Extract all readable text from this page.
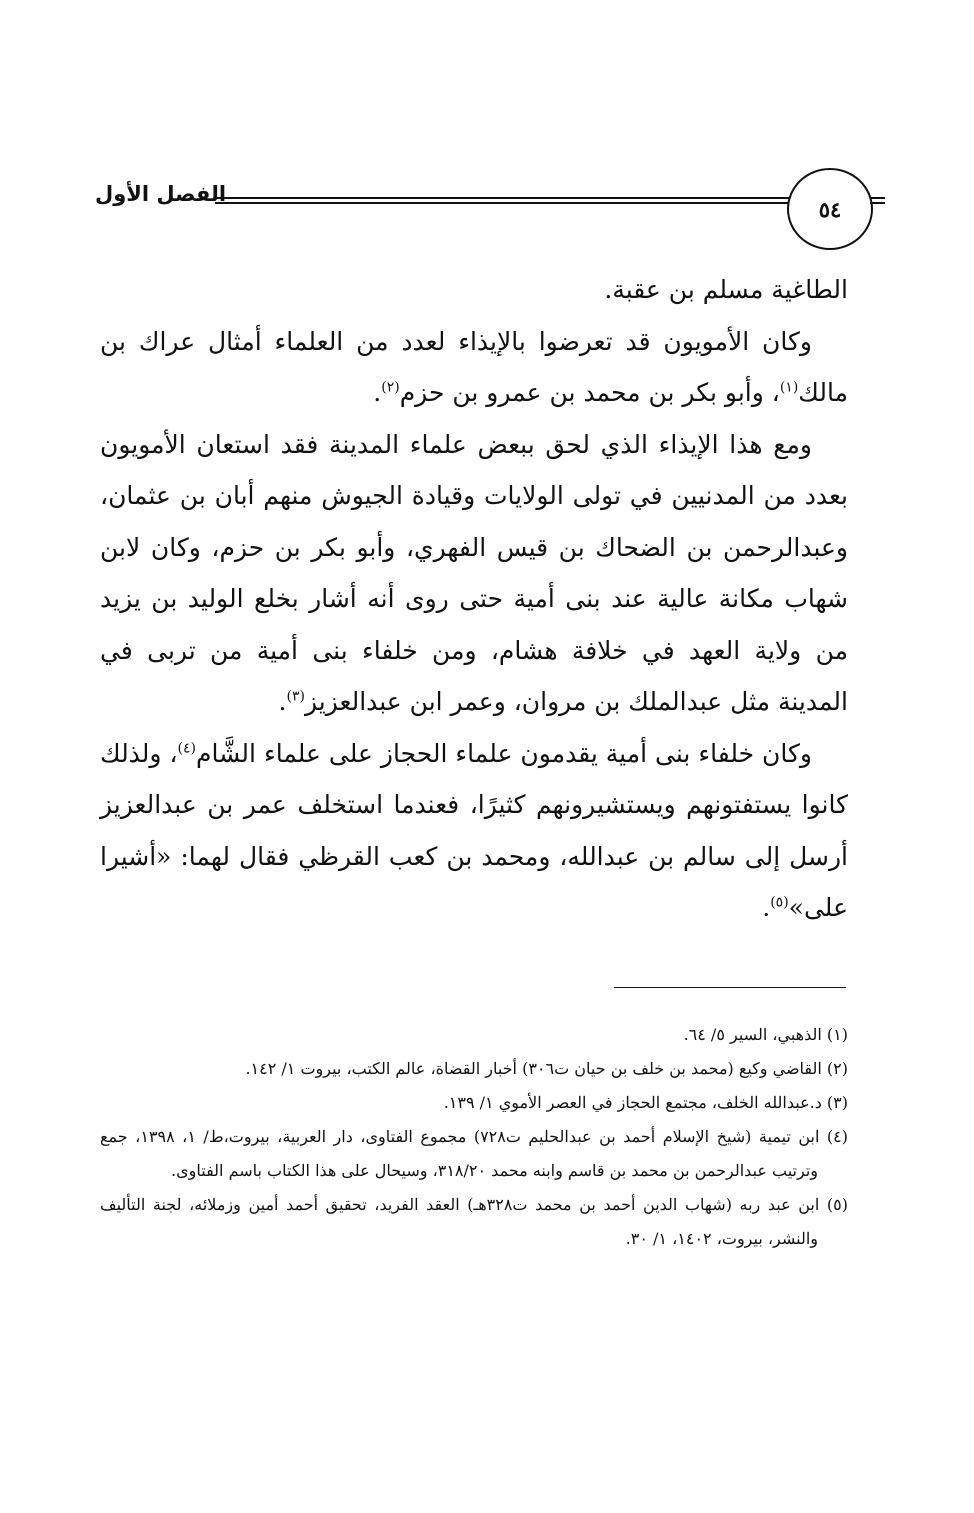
الفصل الأول
٥٤

الطاغية مسلم بن عقبة.

وكان الأمويون قد تعرضوا بالإيذاء لعدد من العلماء أمثال عراك بن مالك$^{(١)}$، وأبو بكر بن محمد بن عمرو بن حزم$^{(٢)}$.

ومع هذا الإيذاء الذي لحق ببعض علماء المدينة فقد استعان الأمويون بعدد من المدنيين في تولى الولايات وقيادة الجيوش منهم أبان بن عثمان، وعبدالرحمن بن الضحاك بن قيس الفهري، وأبو بكر بن حزم، وكان لابن شهاب مكانة عالية عند بنى أمية حتى روى أنه أشار بخلع الوليد بن يزيد من ولاية العهد في خلافة هشام، ومن خلفاء بنى أمية من تربى في المدينة مثل عبدالملك بن مروان، وعمر ابن عبدالعزيز$^{(٣)}$.

وكان خلفاء بنى أمية يقدمون علماء الحجاز على علماء الشَّام$^{(٤)}$، ولذلك كانوا يستفتونهم ويستشيرونهم كثيرًا، فعندما استخلف عمر بن عبدالعزيز أرسل إلى سالم بن عبدالله، ومحمد بن كعب القرظي فقال لهما: «أشيرا على»$^{(٥)}$.

(١) الذهبي، السير ٥/ ٦٤.

(٢) القاضي وكيع (محمد بن خلف بن حيان ت٣٠٦) أخبار القضاة، عالم الكتب، بيروت ١/ ١٤٢.

(٣) د.عبدالله الخلف، مجتمع الحجاز في العصر الأموي ١/ ١٣٩.

(٤) ابن تيمية (شيخ الإسلام أحمد بن عبدالحليم ت٧٢٨) مجموع الفتاوى، دار العربية، بيروت،ط/ ١، ١٣٩٨، جمع وترتيب عبدالرحمن بن محمد بن قاسم وابنه محمد ٣١٨/٢٠، وسيحال على هذا الكتاب باسم الفتاوى.

(٥) ابن عبد ربه (شهاب الدين أحمد بن محمد ت٣٢٨هـ) العقد الفريد، تحقيق أحمد أمين وزملائه، لجنة التأليف والنشر، بيروت، ١٤٠٢، ١/ ٣٠.
